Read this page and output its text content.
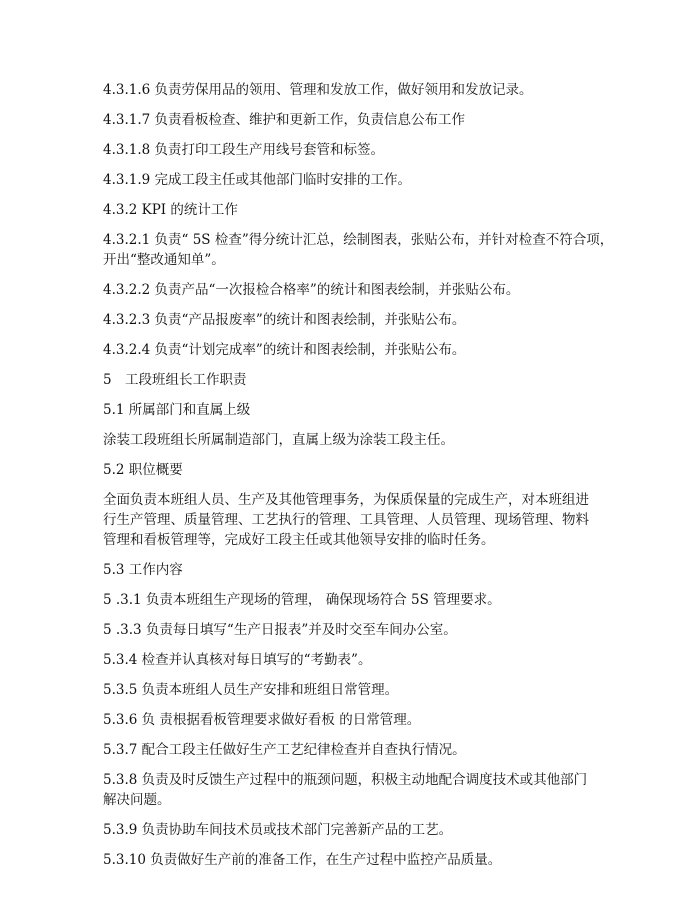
4.3.1.6 负责劳保用品的领用、管理和发放工作，做好领用和发放记录。
4.3.1.7 负责看板检查、维护和更新工作，负责信息公布工作
4.3.1.8 负责打印工段生产用线号套管和标签。
4.3.1.9 完成工段主任或其他部门临时安排的工作。
4.3.2 KPI 的统计工作
4.3.2.1 负责“ 5S 检查”得分统计汇总，绘制图表，张贴公布，并针对检查不符合项，
开出“整改通知单”。
4.3.2.2 负责产品“一次报检合格率”的统计和图表绘制，并张贴公布。
4.3.2.3 负责“产品报废率”的统计和图表绘制，并张贴公布。
4.3.2.4 负责“计划完成率”的统计和图表绘制，并张贴公布。
5 工段班组长工作职责
5.1 所属部门和直属上级
涂装工段班组长所属制造部门，直属上级为涂装工段主任。
5.2 职位概要
全面负责本班组人员、生产及其他管理事务，为保质保量的完成生产，对本班组进
行生产管理、质量管理、工艺执行的管理、工具管理、人员管理、现场管理、物料
管理和看板管理等，完成好工段主任或其他领导安排的临时任务。
5.3 工作内容
5 .3.1 负责本班组生产现场的管理， 确保现场符合 5S 管理要求。
5 .3.3 负责每日填写“生产日报表”并及时交至车间办公室。
5.3.4 检查并认真核对每日填写的“考勤表”。
5.3.5 负责本班组人员生产安排和班组日常管理。
5.3.6 负 责根据看板管理要求做好看板 的日常管理。
5.3.7 配合工段主任做好生产工艺纪律检查并自查执行情况。
5.3.8 负责及时反馈生产过程中的瓶颈问题，积极主动地配合调度技术或其他部门
解决问题。
5.3.9 负责协助车间技术员或技术部门完善新产品的工艺。
5.3.10 负责做好生产前的准备工作，在生产过程中监控产品质量。
